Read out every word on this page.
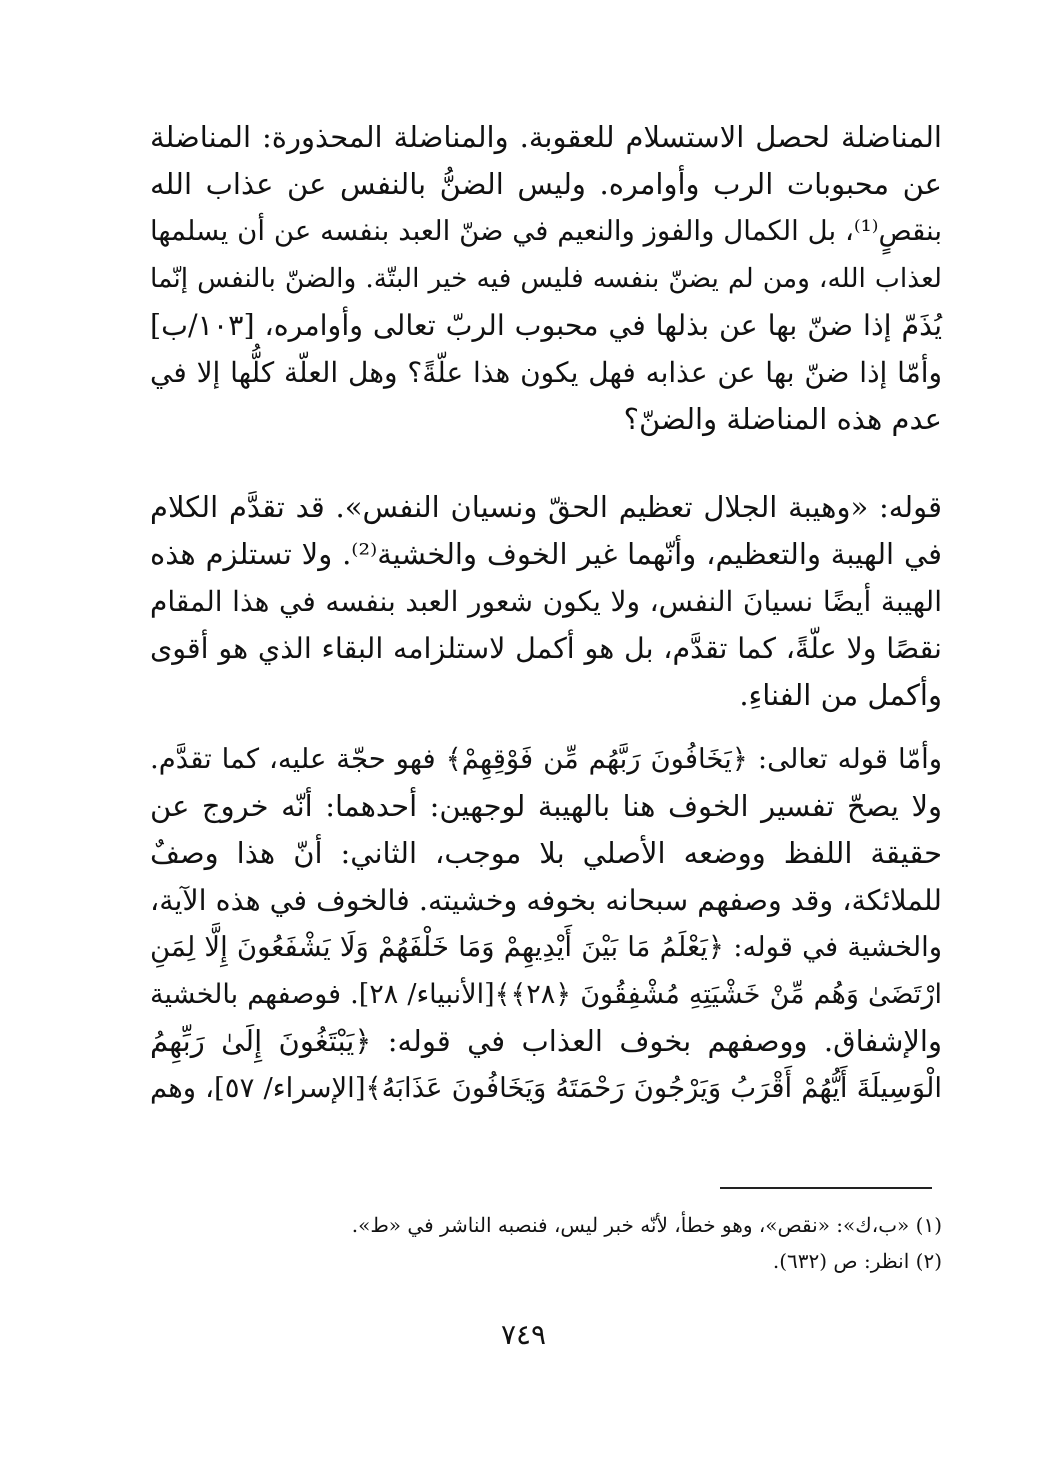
المناضلة لحصل الاستسلام للعقوبة. والمناضلة المحذورة: المناضلة
عن محبوبات الرب وأوامره. وليس الضنُّ بالنفس عن عذاب الله
بنقصٍ⁽¹⁾، بل الكمال والفوز والنعيم في ضنّ العبد بنفسه عن أن يسلمها
لعذاب الله، ومن لم يضنّ بنفسه فليس فيه خير البتّة. والضنّ بالنفس إنّما
يُذَمّ إذا ضنّ بها عن بذلها في محبوب الربّ تعالى وأوامره، [١٠٣/ب]
وأمّا إذا ضنّ بها عن عذابه فهل يكون هذا علّةً؟ وهل العلّة كلُّها إلا في
عدم هذه المناضلة والضنّ؟
قوله: «وهيبة الجلال تعظيم الحقّ ونسيان النفس». قد تقدَّم الكلام
في الهيبة والتعظيم، وأنّهما غير الخوف والخشية⁽²⁾. ولا تستلزم هذه
الهيبة أيضًا نسيانَ النفس، ولا يكون شعور العبد بنفسه في هذا المقام
نقصًا ولا علّةً، كما تقدَّم، بل هو أكمل لاستلزامه البقاء الذي هو أقوى
وأكمل من الفناءِ.
وأمّا قوله تعالى: ﴿يَخَافُونَ رَبَّهُم مِّن فَوْقِهِمْ﴾ فهو حجّة عليه، كما تقدَّم.
ولا يصحّ تفسير الخوف هنا بالهيبة لوجهين: أحدهما: أنّه خروج عن
حقيقة اللفظ ووضعه الأصلي بلا موجب، الثاني: أنّ هذا وصفٌ
للملائكة، وقد وصفهم سبحانه بخوفه وخشيته. فالخوف في هذه الآية،
والخشية في قوله: ﴿يَعْلَمُ مَا بَيْنَ أَيْدِيهِمْ وَمَا خَلْفَهُمْ وَلَا يَشْفَعُونَ إِلَّا لِمَنِ
ارْتَضَىٰ وَهُم مِّنْ خَشْيَتِهِ مُشْفِقُونَ ﴿٢٨﴾﴾[الأنبياء/ ٢٨]. فوصفهم بالخشية
والإشفاق. ووصفهم بخوف العذاب في قوله: ﴿يَبْتَغُونَ إِلَىٰ رَبِّهِمُ
الْوَسِيلَةَ أَيُّهُمْ أَقْرَبُ وَيَرْجُونَ رَحْمَتَهُ وَيَخَافُونَ عَذَابَهُ﴾[الإسراء/ ٥٧]، وهم
(١) «ب،ك»: «نقص»، وهو خطأ، لأنّه خبر ليس، فنصبه الناشر في «ط».
(٢) انظر: ص (٦٣٢).
٧٤٩
